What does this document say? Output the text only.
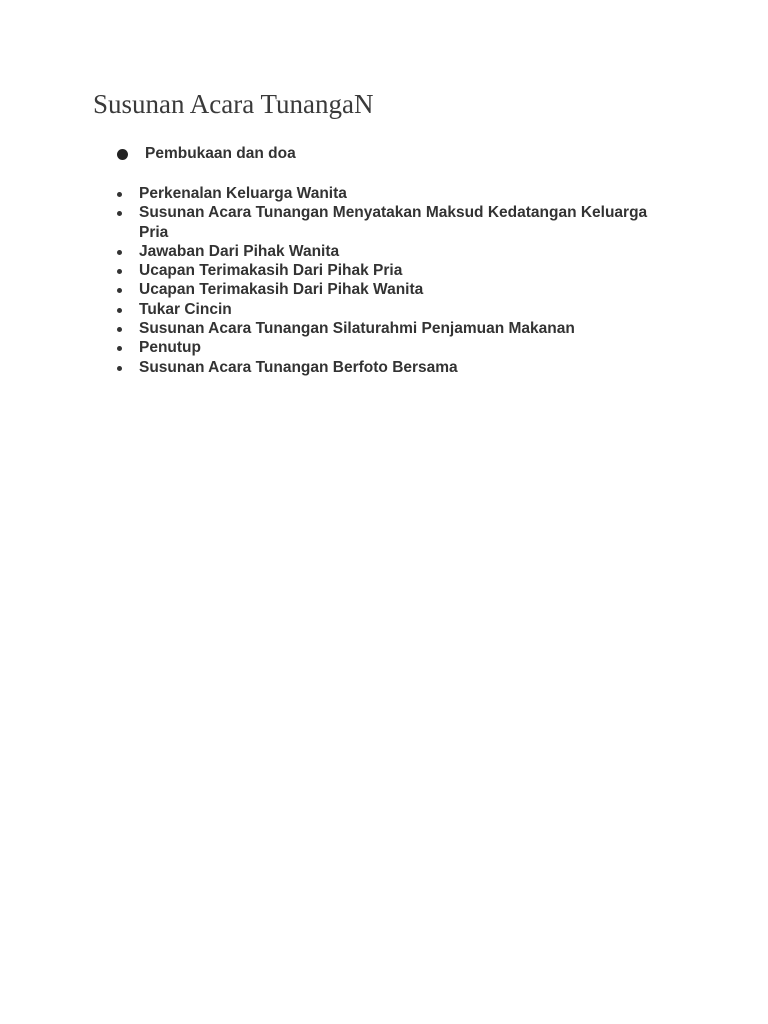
Susunan Acara TunangaN
Pembukaan dan doa
Perkenalan Keluarga Wanita
Susunan Acara Tunangan Menyatakan Maksud Kedatangan Keluarga Pria
Jawaban Dari Pihak Wanita
Ucapan Terimakasih Dari Pihak Pria
Ucapan Terimakasih Dari Pihak Wanita
Tukar Cincin
Susunan Acara Tunangan Silaturahmi Penjamuan Makanan
Penutup
Susunan Acara Tunangan Berfoto Bersama
